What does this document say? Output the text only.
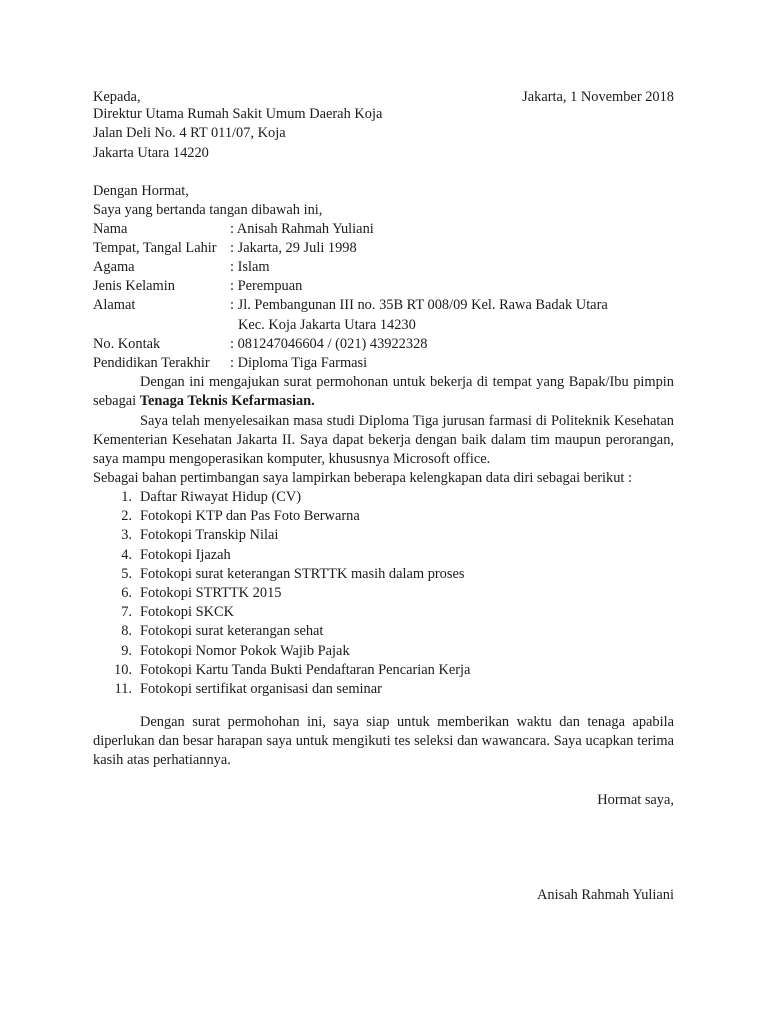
Kepada,	Jakarta, 1 November 2018
Direktur Utama Rumah Sakit Umum Daerah Koja
Jalan Deli No. 4 RT 011/07, Koja
Jakarta Utara 14220
Dengan Hormat,
Saya yang bertanda tangan dibawah ini,
Nama	: Anisah Rahmah Yuliani
Tempat, Tangal Lahir : Jakarta, 29 Juli 1998
Agama	: Islam
Jenis Kelamin	: Perempuan
Alamat	: Jl. Pembangunan III no. 35B RT 008/09 Kel. Rawa Badak Utara
Kec. Koja Jakarta Utara 14230
No. Kontak	: 081247046604 / (021) 43922328
Pendidikan Terakhir : Diploma Tiga Farmasi

Dengan ini mengajukan surat permohonan untuk bekerja di tempat yang Bapak/Ibu pimpin sebagai Tenaga Teknis Kefarmasian.

Saya telah menyelesaikan masa studi Diploma Tiga jurusan farmasi di Politeknik Kesehatan Kementerian Kesehatan Jakarta II. Saya dapat bekerja dengan baik dalam tim maupun perorangan, saya mampu mengoperasikan komputer, khususnya Microsoft office.

Sebagai bahan pertimbangan saya lampirkan beberapa kelengkapan data diri sebagai berikut :
1. Daftar Riwayat Hidup (CV)
2. Fotokopi KTP dan Pas Foto Berwarna
3. Fotokopi Transkip Nilai
4. Fotokopi Ijazah
5. Fotokopi surat keterangan STRTTK masih dalam proses
6. Fotokopi STRTTK 2015
7. Fotokopi SKCK
8. Fotokopi surat keterangan sehat
9. Fotokopi Nomor Pokok Wajib Pajak
10. Fotokopi Kartu Tanda Bukti Pendaftaran Pencarian Kerja
11. Fotokopi sertifikat organisasi dan seminar

Dengan surat permohohan ini, saya siap untuk memberikan waktu dan tenaga apabila diperlukan dan besar harapan saya untuk mengikuti tes seleksi dan wawancara. Saya ucapkan terima kasih atas perhatiannya.

Hormat saya,
Anisah Rahmah Yuliani
